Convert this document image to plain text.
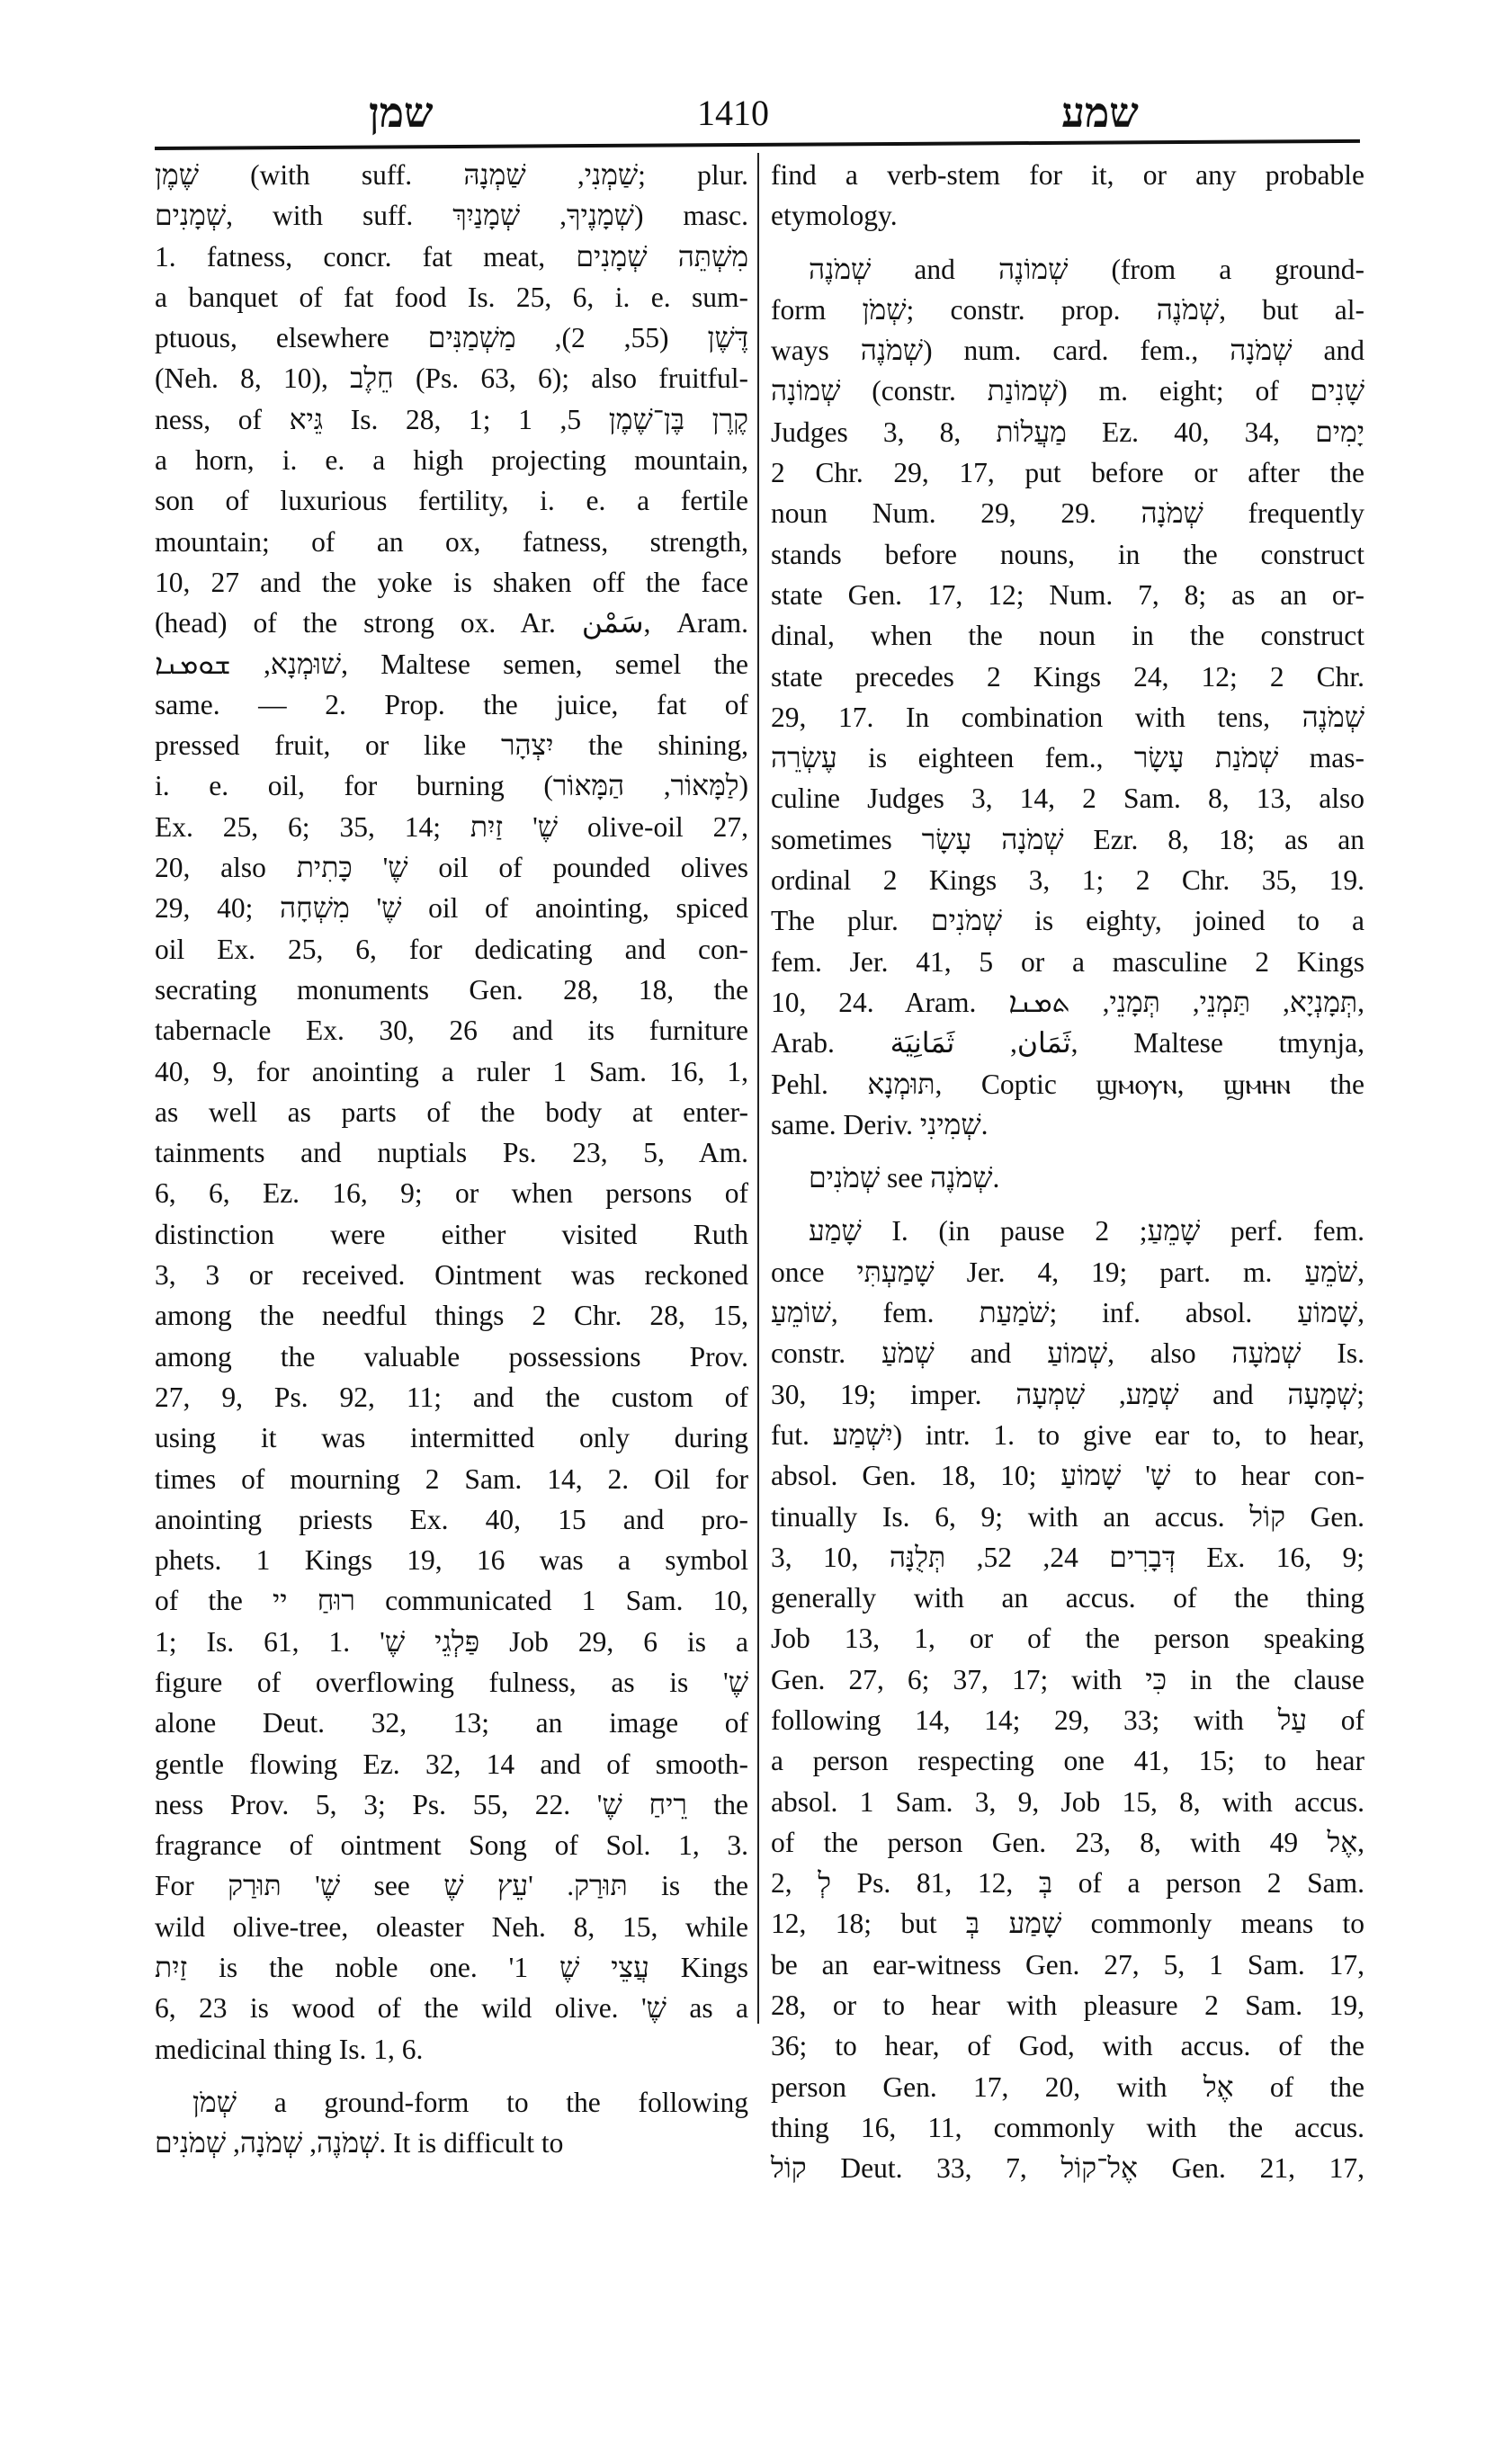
שמן	1410	שמע
שֶׁמֶן (with suff. שַׁמְנִי, שַׁמְנָהּ; plur.
שְׁמָנִים, with suff. שְׁמָנֶיךָ, שְׁמָנַיִךְ) masc.
1. fatness, concr. fat meat, מִשְׁתֵּה שְׁמָנִים
a banquet of fat food Is. 25, 6, i. e. sum-
ptuous, elsewhere דֶּשֶׁן (55, 2), מַשְׁמַנִּים
(Neh. 8, 10), חֵלֶב (Ps. 63, 6); also fruitful-
ness, of גֵּיא Is. 28, 1; קֶרֶן בֶּן־שֶׁמֶן 5, 1
a horn, i. e. a high projecting mountain,
son of luxurious fertility, i. e. a fertile
mountain; of an ox, fatness, strength,
10, 27 and the yoke is shaken off the face
(head) of the strong ox. Ar. سَمْن, Aram.
שׁוּמְנָא, ܫܘܡܢܐ, Maltese semen, semel the
same. — 2. Prop. the juice, fat of
pressed fruit, or like יִצְהָר the shining,
i. e. oil, for burning (לַמָּאוֹר, הַמָּאוֹר)
Ex. 25, 6; 35, 14; שֶׁ' זַיִת olive-oil 27,
20, also שֶׁ' כָּתִית oil of pounded olives
29, 40; שֶׁ' מִשְׁחָה oil of anointing, spiced
oil Ex. 25, 6, for dedicating and con-
secrating monuments Gen. 28, 18, the
tabernacle Ex. 30, 26 and its furniture
40, 9, for anointing a ruler 1 Sam. 16, 1,
as well as parts of the body at enter-
tainments and nuptials Ps. 23, 5, Am.
6, 6, Ez. 16, 9; or when persons of
distinction were either visited Ruth
3, 3 or received. Ointment was reckoned
among the needful things 2 Chr. 28, 15,
among the valuable possessions Prov.
27, 9, Ps. 92, 11; and the custom of
using it was intermitted only during
times of mourning 2 Sam. 14, 2. Oil for
anointing priests Ex. 40, 15 and pro-
phets. 1 Kings 19, 16 was a symbol
of the רוּחַ יי communicated 1 Sam. 10,
1; Is. 61, 1. 'פַּלְגֵי שֶׁ Job 29, 6 is a
figure of overflowing fulness, as is 'שֶׁ
alone Deut. 32, 13; an image of
gentle flowing Ez. 32, 14 and of smooth-
ness Prov. 5, 3; Ps. 55, 22. 'רֵיחַ שֶׁ the
fragrance of ointment Song of Sol. 1, 3.
For שֶׁ' תּוּרַק see תּוּרַק. 'עֵץ שֶׁ is the
wild olive-tree, oleaster Neh. 8, 15, while
זַיִת is the noble one. 'עֲצֵי שֶׁ 1 Kings
6, 23 is wood of the wild olive. 'שֶׁ as a
medicinal thing Is. 1, 6.
שְׁמֹן a ground-form to the following
שְׁמֹנֶה, שְׁמֹנָה, שְׁמֹנִים. It is difficult to
find a verb-stem for it, or any probable
etymology.
שְׁמֹנֶה and שְׁמוֹנֶה (from a ground-
form שְׁמֹן; constr. prop. שְׁמֹנֶה, but al-
ways שְׁמֹנֶה) num. card. fem., שְׁמֹנָה and
שְׁמוֹנָה (constr. שְׁמוֹנַת) m. eight; of שָׁנִים
Judges 3, 8, מַעֲלוֹת Ez. 40, 34, יָמִים
2 Chr. 29, 17, put before or after the
noun Num. 29, 29. שְׁמֹנָה frequently
stands before nouns, in the construct
state Gen. 17, 12; Num. 7, 8; as an or-
dinal, when the noun in the construct
state precedes 2 Kings 24, 12; 2 Chr.
29, 17. In combination with tens, שְׁמֹנֶה
עֶשְׂרֵה is eighteen fem., שְׁמֹנַת עָשָׂר mas-
culine Judges 3, 14, 2 Sam. 8, 13, also
sometimes שְׁמֹנָה עָשָׂר Ezr. 8, 18; as an
ordinal 2 Kings 3, 1; 2 Chr. 35, 19.
The plur. שְׁמֹנִים is eighty, joined to a
fem. Jer. 41, 5 or a masculine 2 Kings
10, 24. Aram. תְּמָנְיָא, תַּמְנֵי, תְּמָנֵי, ܬܡܢܐ,
Arab. ثَمَان, ثَمَانِيَة, Maltese tmynja,
Pehl. תּוּמְנָא, Coptic ϣⲙⲟⲩⲛ, ϣⲙⲏⲛ the
same. Deriv. שְׁמִינִי.
שְׁמֹנִים see שְׁמֹנֶה.
שָׁמַע I. (in pause שָׁמֵעַ; 2 perf. fem.
once שָׁמַעְתִּי Jer. 4, 19; part. m. שֹׁמֵעַ,
שׁוֹמֵעַ, fem. שֹׁמַעַת; inf. absol. שָׁמוֹעַ,
constr. שְׁמֹעַ and שְׁמוֹעַ, also שְׁמֹעָה Is.
30, 19; imper. שְׁמַע, שִׁמְעָה and שְׁמָעָה;
fut. יִשְׁמַע) intr. 1. to give ear to, to hear,
absol. Gen. 18, 10; שָׁ' שָׁמוֹעַ to hear con-
tinually Is. 6, 9; with an accus. קוֹל Gen.
3, 10, דְּבָרִים 24, 52, תְּלֻנָּה Ex. 16, 9;
generally with an accus. of the thing
Job 13, 1, or of the person speaking
Gen. 27, 6; 37, 17; with כִּי in the clause
following 14, 14; 29, 33; with עַל of
a person respecting one 41, 15; to hear
absol. 1 Sam. 3, 9, Job 15, 8, with accus.
of the person Gen. 23, 8, with אֶל 49,
2, לְ Ps. 81, 12, בְּ of a person 2 Sam.
12, 18; but שָׁמַע בְּ commonly means to
be an ear-witness Gen. 27, 5, 1 Sam. 17,
28, or to hear with pleasure 2 Sam. 19,
36; to hear, of God, with accus. of the
person Gen. 17, 20, with אֶל of the
thing 16, 11, commonly with the accus.
קוֹל Deut. 33, 7, אֶל־קוֹל Gen. 21, 17,
